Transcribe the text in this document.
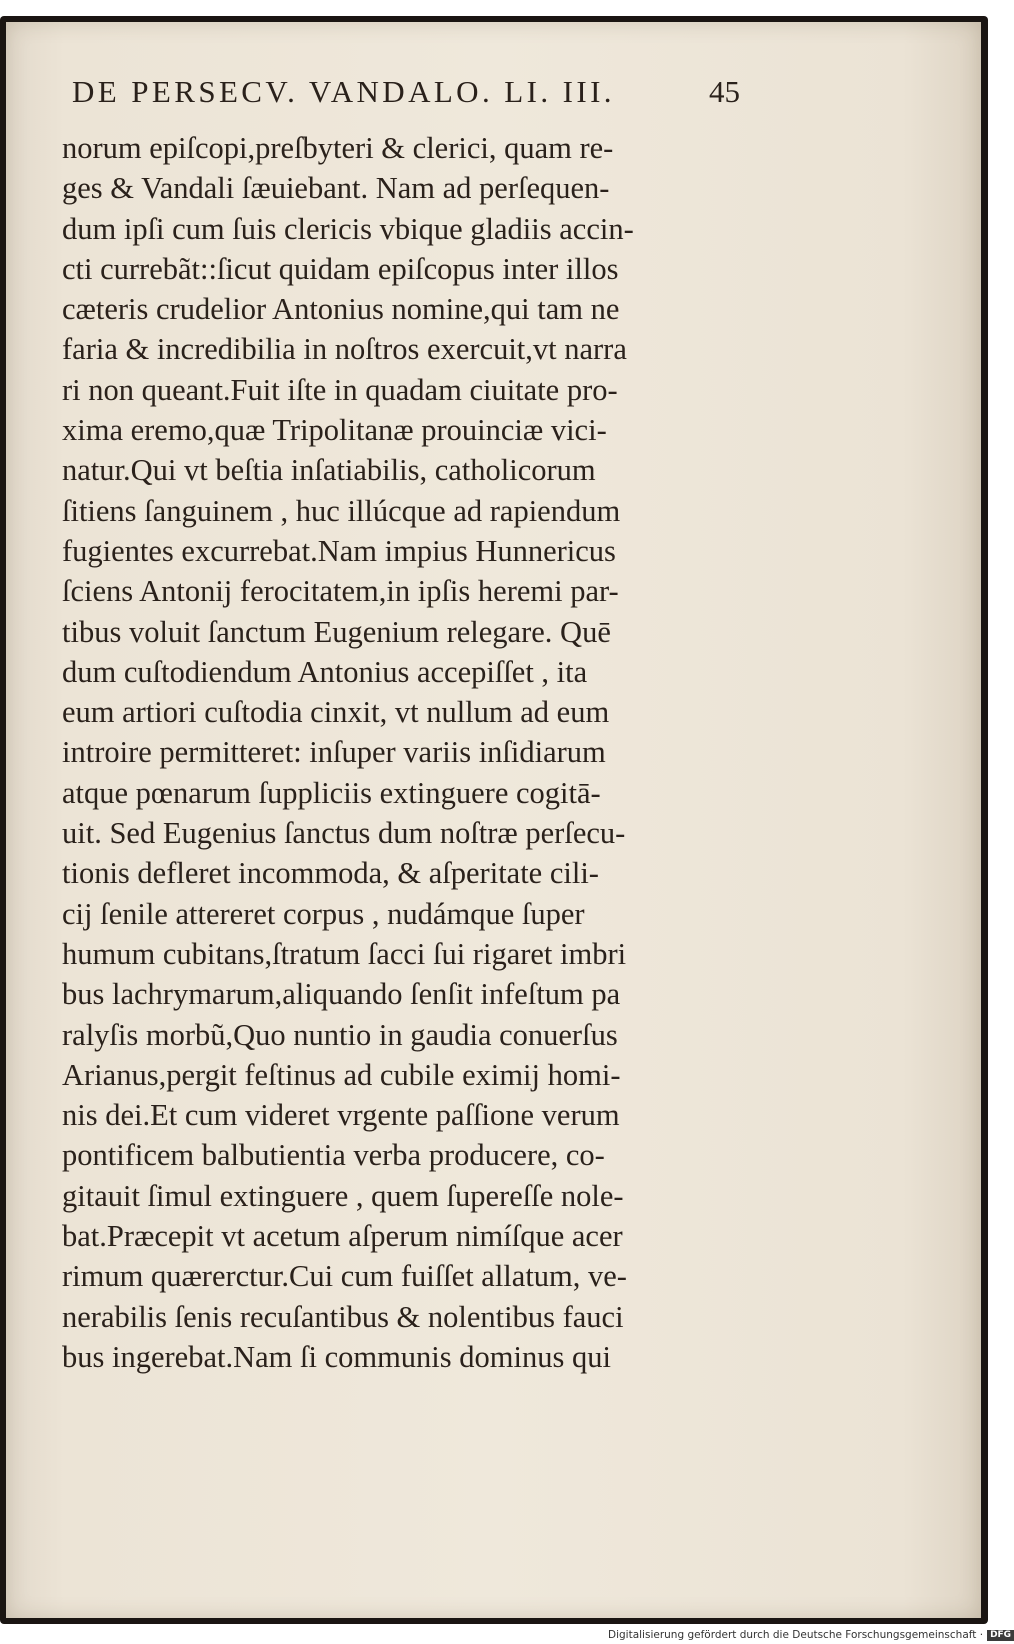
DE PERSECV. VANDALO. LI. III.	45
norum epiſcopi,preſbyteri & clerici, quam re-
ges & Vandali ſæuiebant. Nam ad perſequen-
dum ipſi cum ſuis clericis vbique gladiis accin-
cti currebãt::ſicut quidam epiſcopus inter illos
cæteris crudelior Antonius nomine,qui tam ne
faria & incredibilia in noſtros exercuit,vt narra
ri non queant.Fuit iſte in quadam ciuitate pro-
xima eremo,quæ Tripolitanæ prouinciæ vici-
natur.Qui vt beſtia inſatiabilis, catholicorum
ſitiens ſanguinem , huc illúcque ad rapiendum
fugientes excurrebat.Nam impius Hunnericus
ſciens Antonij ferocitatem,in ipſis heremi par-
tibus voluit ſanctum Eugenium relegare. Quē
dum cuſtodiendum Antonius accepiſſet , ita
eum artiori cuſtodia cinxit, vt nullum ad eum
introire permitteret: inſuper variis inſidiarum
atque pœnarum ſuppliciis extinguere cogitā-
uit. Sed Eugenius ſanctus dum noſtræ perſecu-
tionis defleret incommoda, & aſperitate cili-
cij ſenile attereret corpus , nudámque ſuper
humum cubitans,ſtratum ſacci ſui rigaret imbri
bus lachrymarum,aliquando ſenſit infeſtum pa
ralyſis morbũ,Quo nuntio in gaudia conuerſus
Arianus,pergit feſtinus ad cubile eximij homi-
nis dei.Et cum videret vrgente paſſione verum
pontificem balbutientia verba producere, co-
gitauit ſimul extinguere , quem ſupereſſe nole-
bat.Præcepit vt acetum aſperum nimíſque acer
rimum quærerctur.Cui cum fuiſſet allatum, ve-
nerabilis ſenis recuſantibus & nolentibus fauci
bus ingerebat.Nam ſi communis dominus qui
Digitalisierung gefördert durch die Deutsche Forschungsgemeinschaft · DFG
